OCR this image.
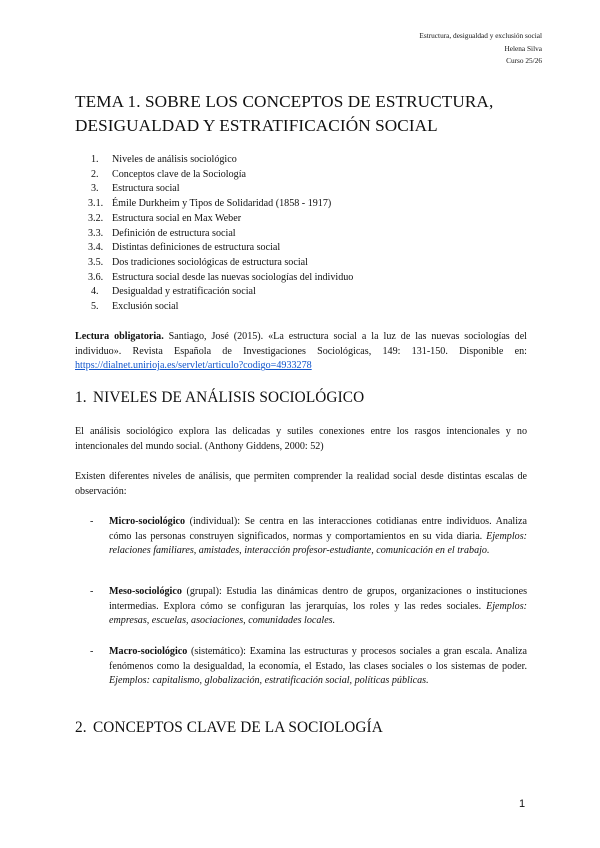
Estructura, desigualdad y exclusión social
Helena Silva
Curso 25/26
TEMA 1. SOBRE LOS CONCEPTOS DE ESTRUCTURA, DESIGUALDAD Y ESTRATIFICACIÓN SOCIAL
1. Niveles de análisis sociológico
2. Conceptos clave de la Sociología
3. Estructura social
3.1. Émile Durkheim y Tipos de Solidaridad (1858 - 1917)
3.2. Estructura social en Max Weber
3.3. Definición de estructura social
3.4. Distintas definiciones de estructura social
3.5. Dos tradiciones sociológicas de estructura social
3.6. Estructura social desde las nuevas sociologías del individuo
4. Desigualdad y estratificación social
5. Exclusión social

Lectura obligatoria. Santiago, José (2015). «La estructura social a la luz de las nuevas sociologías del individuo». Revista Española de Investigaciones Sociológicas, 149: 131-150. Disponible en: https://dialnet.unirioja.es/servlet/articulo?codigo=4933278

1. NIVELES DE ANÁLISIS SOCIOLÓGICO

El análisis sociológico explora las delicadas y sutiles conexiones entre los rasgos intencionales y no intencionales del mundo social. (Anthony Giddens, 2000: 52)

Existen diferentes niveles de análisis, que permiten comprender la realidad social desde distintas escalas de observación:

- Micro-sociológico (individual): Se centra en las interacciones cotidianas entre individuos. Analiza cómo las personas construyen significados, normas y comportamientos en su vida diaria. Ejemplos: relaciones familiares, amistades, interacción profesor-estudiante, comunicación en el trabajo.
- Meso-sociológico (grupal): Estudia las dinámicas dentro de grupos, organizaciones o instituciones intermedias. Explora cómo se configuran las jerarquías, los roles y las redes sociales. Ejemplos: empresas, escuelas, asociaciones, comunidades locales.
- Macro-sociológico (sistemático): Examina las estructuras y procesos sociales a gran escala. Analiza fenómenos como la desigualdad, la economía, el Estado, las clases sociales o los sistemas de poder. Ejemplos: capitalismo, globalización, estratificación social, políticas públicas.
2. CONCEPTOS CLAVE DE LA SOCIOLOGÍA
1
